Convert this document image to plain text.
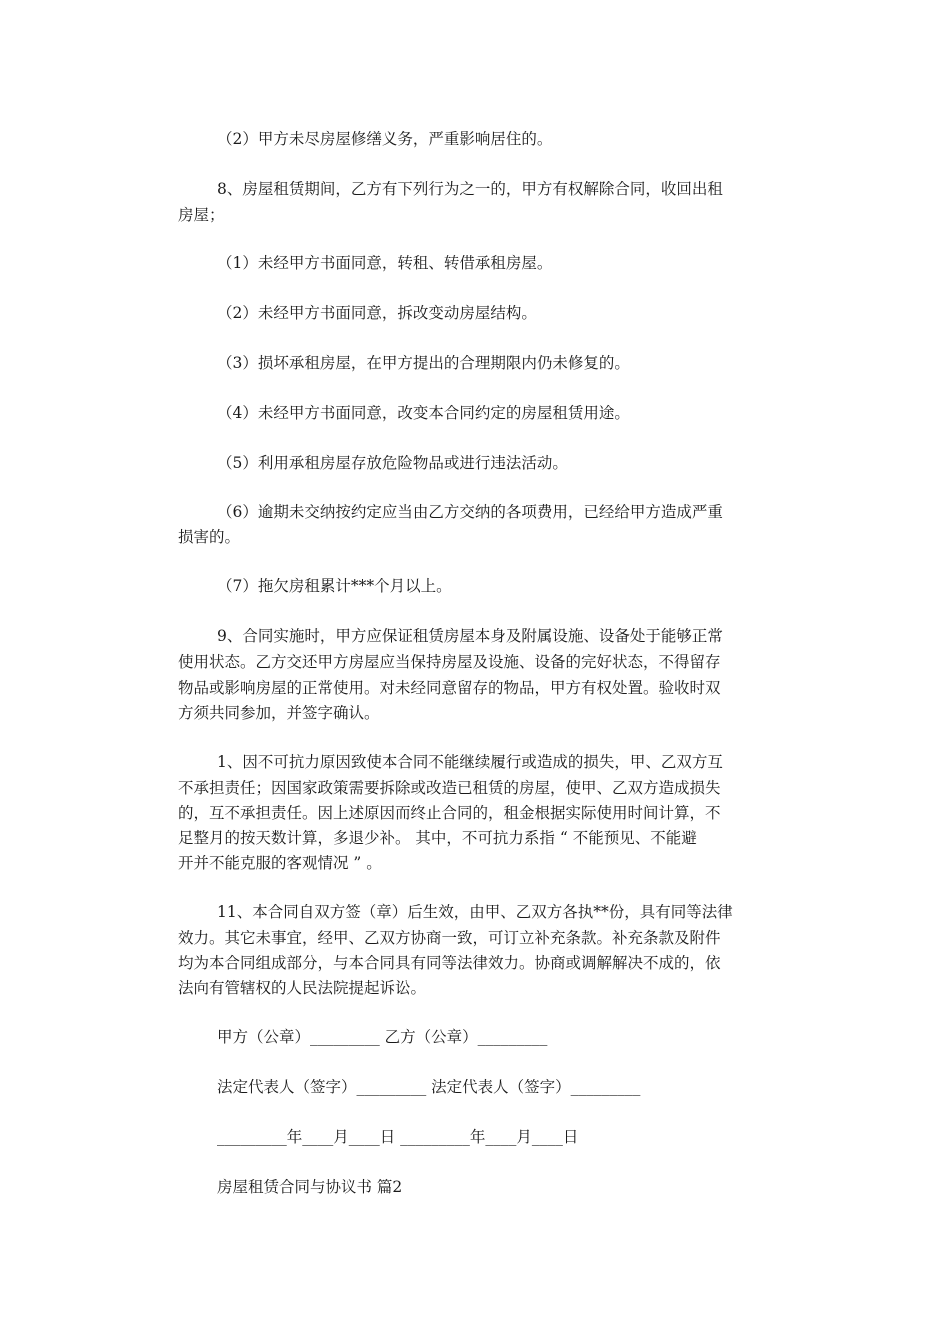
（2）甲方未尽房屋修缮义务，严重影响居住的。

8、房屋租赁期间，乙方有下列行为之一的，甲方有权解除合同，收回出租

房屋；

（1）未经甲方书面同意，转租、转借承租房屋。

（2）未经甲方书面同意，拆改变动房屋结构。

（3）损坏承租房屋，在甲方提出的合理期限内仍未修复的。

（4）未经甲方书面同意，改变本合同约定的房屋租赁用途。

（5）利用承租房屋存放危险物品或进行违法活动。

（6）逾期未交纳按约定应当由乙方交纳的各项费用，已经给甲方造成严重

损害的。

（7）拖欠房租累计***个月以上。

9、合同实施时，甲方应保证租赁房屋本身及附属设施、设备处于能够正常

使用状态。乙方交还甲方房屋应当保持房屋及设施、设备的完好状态，不得留存

物品或影响房屋的正常使用。对未经同意留存的物品，甲方有权处置。验收时双

方须共同参加，并签字确认。

1、因不可抗力原因致使本合同不能继续履行或造成的损失，甲、乙双方互

不承担责任；因国家政策需要拆除或改造已租赁的房屋，使甲、乙双方造成损失

的，互不承担责任。因上述原因而终止合同的，租金根据实际使用时间计算，不

足整月的按天数计算，多退少补。 其中，不可抗力系指 “ 不能预见、不能避

开并不能克服的客观情况 ” 。

11、本合同自双方签（章）后生效，由甲、乙双方各执**份，具有同等法律

效力。其它未事宜，经甲、乙双方协商一致，可订立补充条款。补充条款及附件

均为本合同组成部分，与本合同具有同等法律效力。协商或调解解决不成的，依

法向有管辖权的人民法院提起诉讼。

甲方（公章）_________ 乙方（公章）_________

法定代表人（签字）_________ 法定代表人（签字）_________

_________年____月____日 _________年____月____日

房屋租赁合同与协议书 篇2
